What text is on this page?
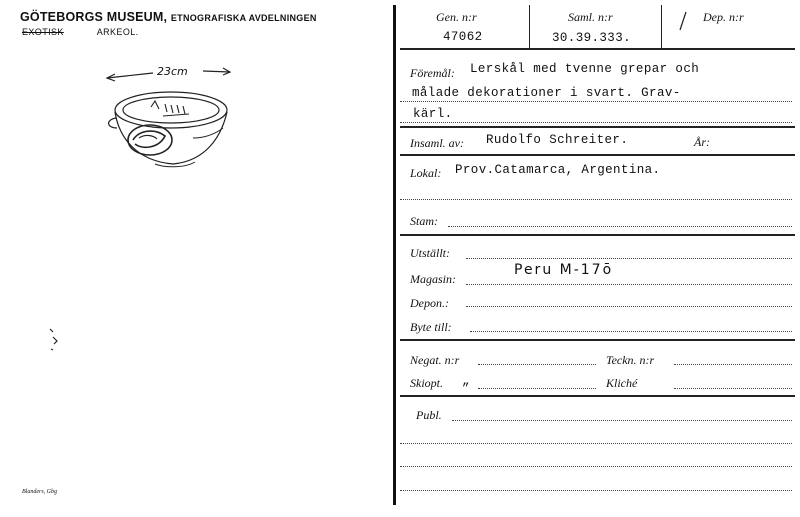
GÖTEBORGS MUSEUM, ETNOGRAFISKA AVDELNINGEN
EXOTISK	ARKEOL.
23cm
Blanders, Gbg
Gen. n:r
47062
Saml. n:r
30.39.333.
Dep. n:r
Föremål: Lerskål med tvenne grepar och
målade dekorationer i svart. Grav-
kärl.
Insaml. av: Rudolfo Schreiter.	År:
Lokal: Prov.Catamarca, Argentina.
Stam:
Utställt:
Magasin:
Peru M-17ō
Depon.:
Byte till:
Negat. n:r	Teckn. n:r
Skiopt. „	Kliché
Publ.
